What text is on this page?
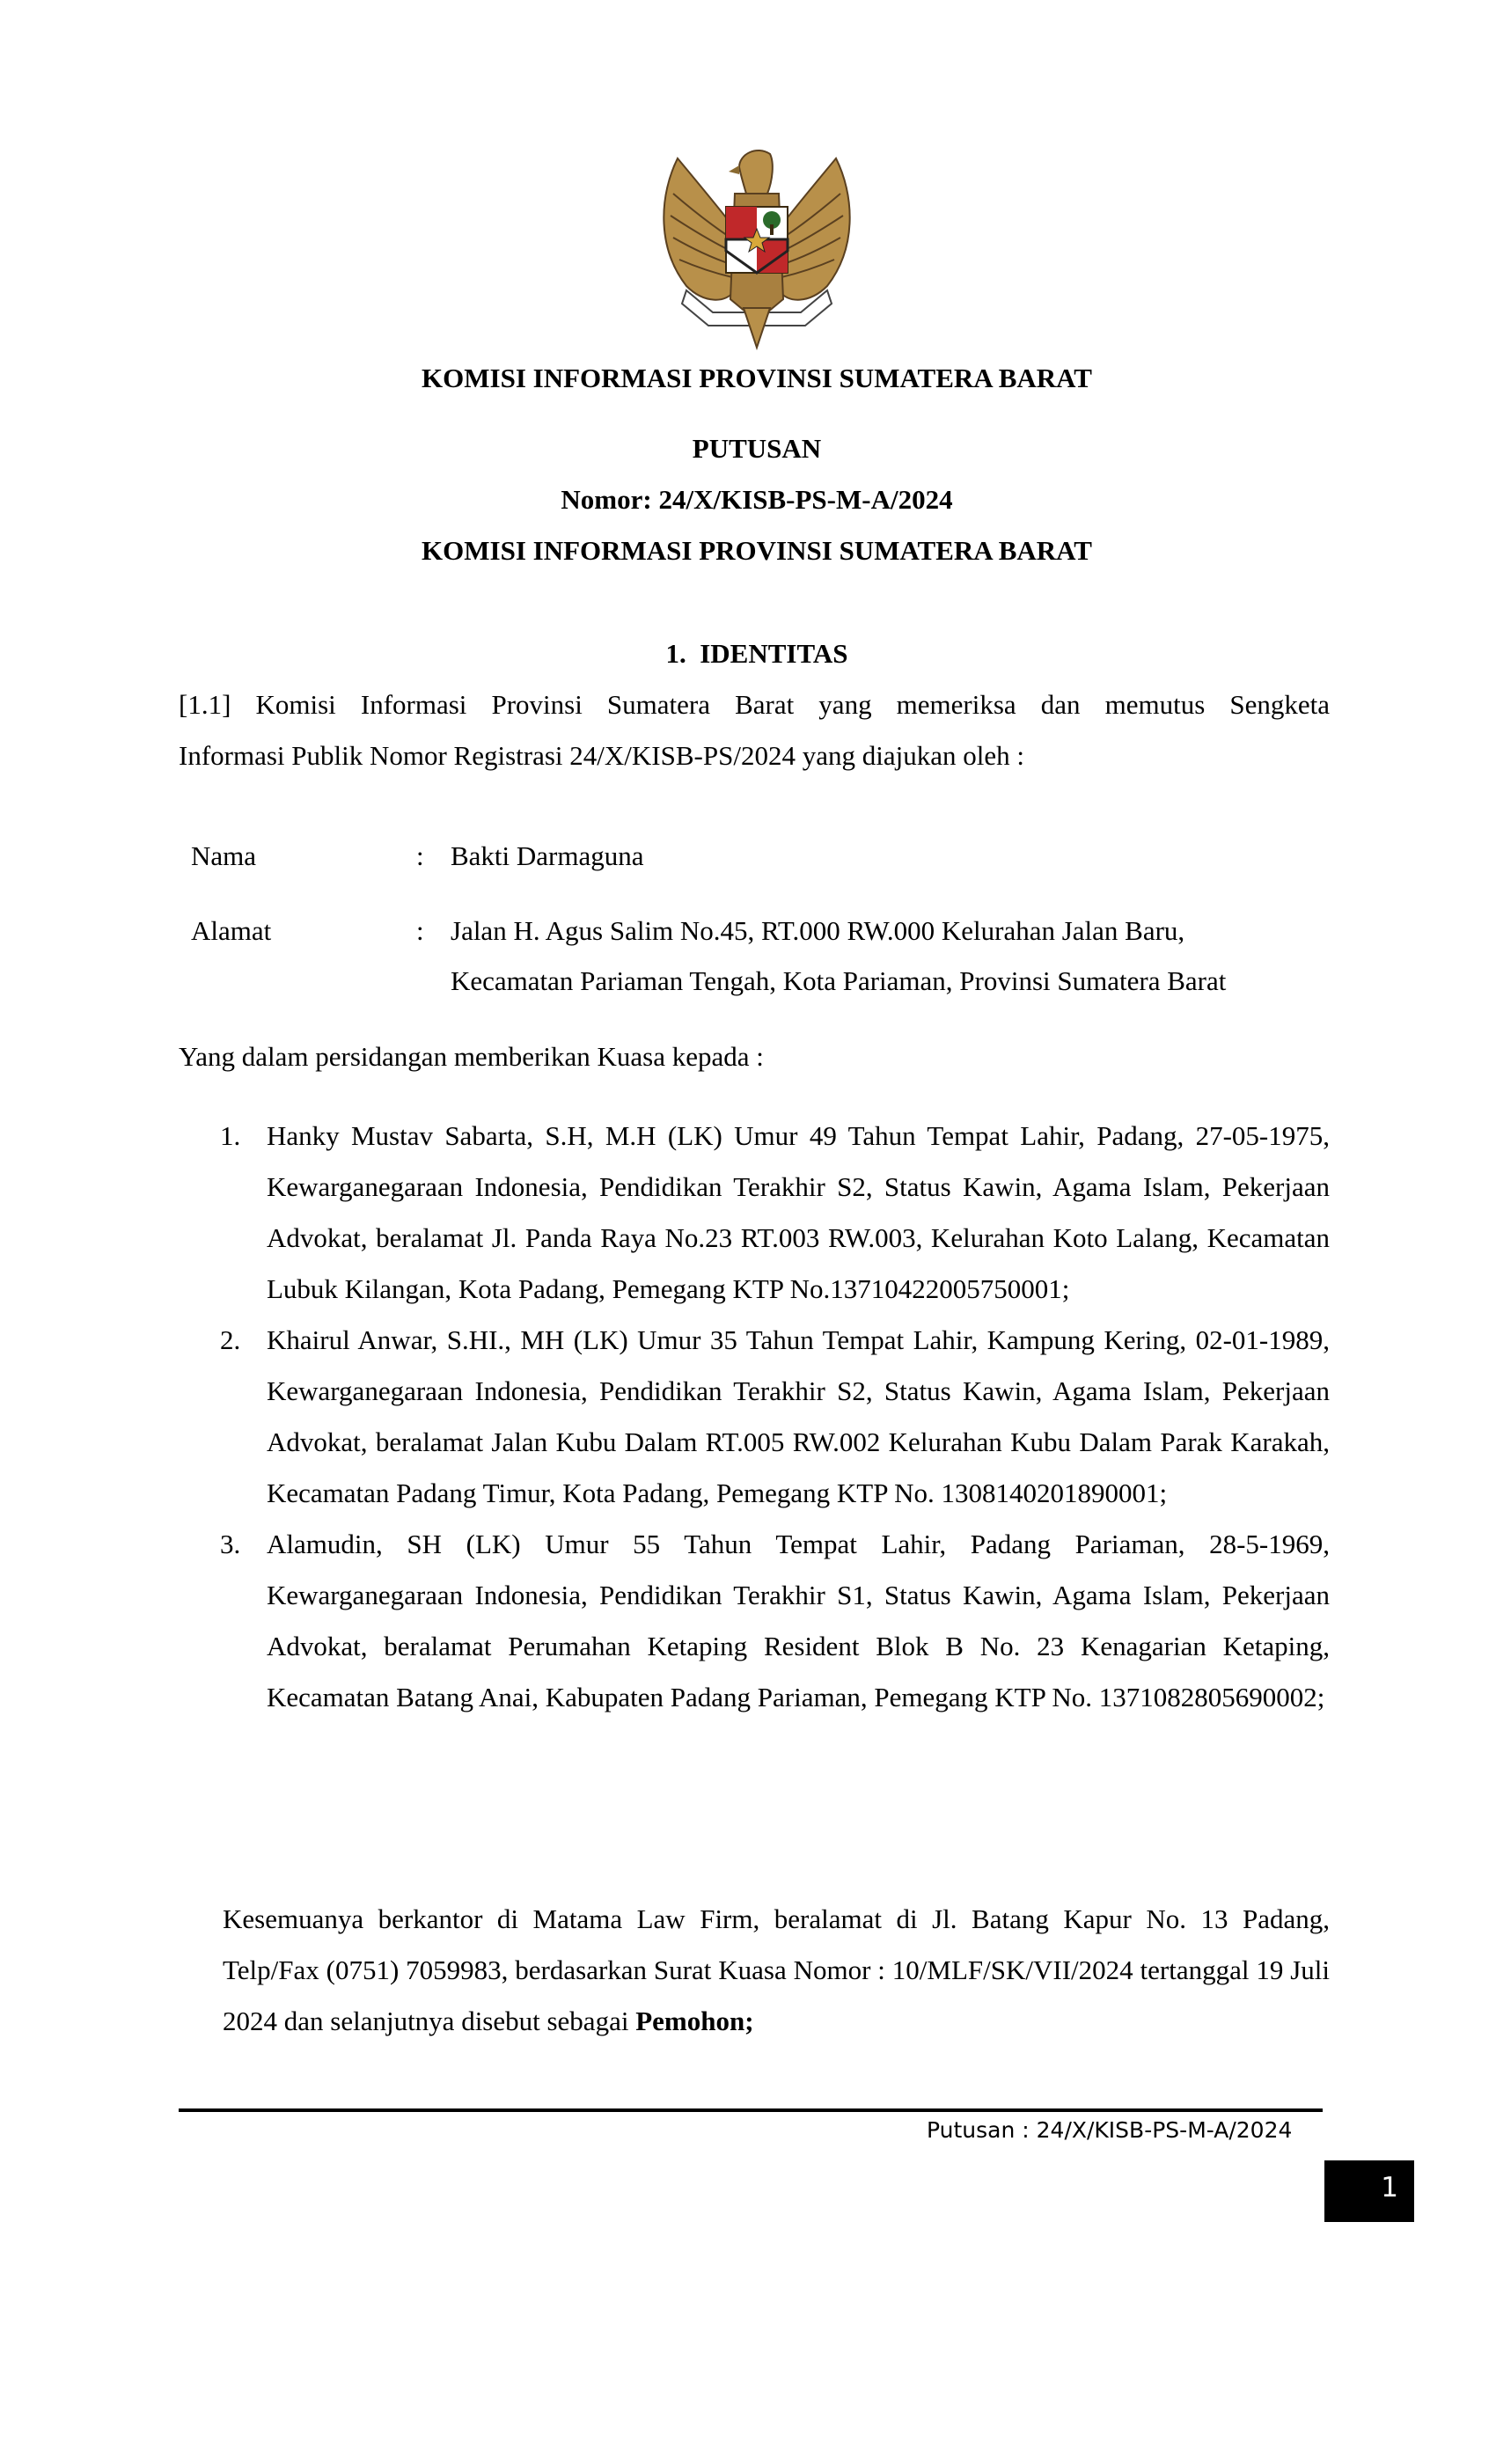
KOMISI INFORMASI PROVINSI SUMATERA BARAT
PUTUSAN
Nomor: 24/X/KISB-PS-M-A/2024
KOMISI INFORMASI PROVINSI SUMATERA BARAT
1. IDENTITAS
[1.1] Komisi Informasi Provinsi Sumatera Barat yang memeriksa dan memutus Sengketa
Informasi Publik Nomor Registrasi 24/X/KISB-PS/2024 yang diajukan oleh :
Nama	: Bakti Darmaguna
Alamat	: Jalan H. Agus Salim No.45, RT.000 RW.000 Kelurahan Jalan Baru,
Kecamatan Pariaman Tengah, Kota Pariaman, Provinsi Sumatera Barat
Yang dalam persidangan memberikan Kuasa kepada :
1. Hanky Mustav Sabarta, S.H, M.H (LK) Umur 49 Tahun Tempat Lahir, Padang, 27-05-1975, Kewarganegaraan Indonesia, Pendidikan Terakhir S2, Status Kawin, Agama Islam, Pekerjaan Advokat, beralamat Jl. Panda Raya No.23 RT.003 RW.003, Kelurahan Koto Lalang, Kecamatan Lubuk Kilangan, Kota Padang, Pemegang KTP No.13710422005750001;
2. Khairul Anwar, S.HI., MH (LK) Umur 35 Tahun Tempat Lahir, Kampung Kering, 02-01-1989, Kewarganegaraan Indonesia, Pendidikan Terakhir S2, Status Kawin, Agama Islam, Pekerjaan Advokat, beralamat Jalan Kubu Dalam RT.005 RW.002 Kelurahan Kubu Dalam Parak Karakah, Kecamatan Padang Timur, Kota Padang, Pemegang KTP No. 1308140201890001;
3. Alamudin, SH (LK) Umur 55 Tahun Tempat Lahir, Padang Pariaman, 28-5-1969, Kewarganegaraan Indonesia, Pendidikan Terakhir S1, Status Kawin, Agama Islam, Pekerjaan Advokat, beralamat Perumahan Ketaping Resident Blok B No. 23 Kenagarian Ketaping, Kecamatan Batang Anai, Kabupaten Padang Pariaman, Pemegang KTP No. 1371082805690002;
Kesemuanya berkantor di Matama Law Firm, beralamat di Jl. Batang Kapur No. 13 Padang, Telp/Fax (0751) 7059983, berdasarkan Surat Kuasa Nomor : 10/MLF/SK/VII/2024 tertanggal 19 Juli 2024 dan selanjutnya disebut sebagai Pemohon;
Putusan : 24/X/KISB-PS-M-A/2024
1
